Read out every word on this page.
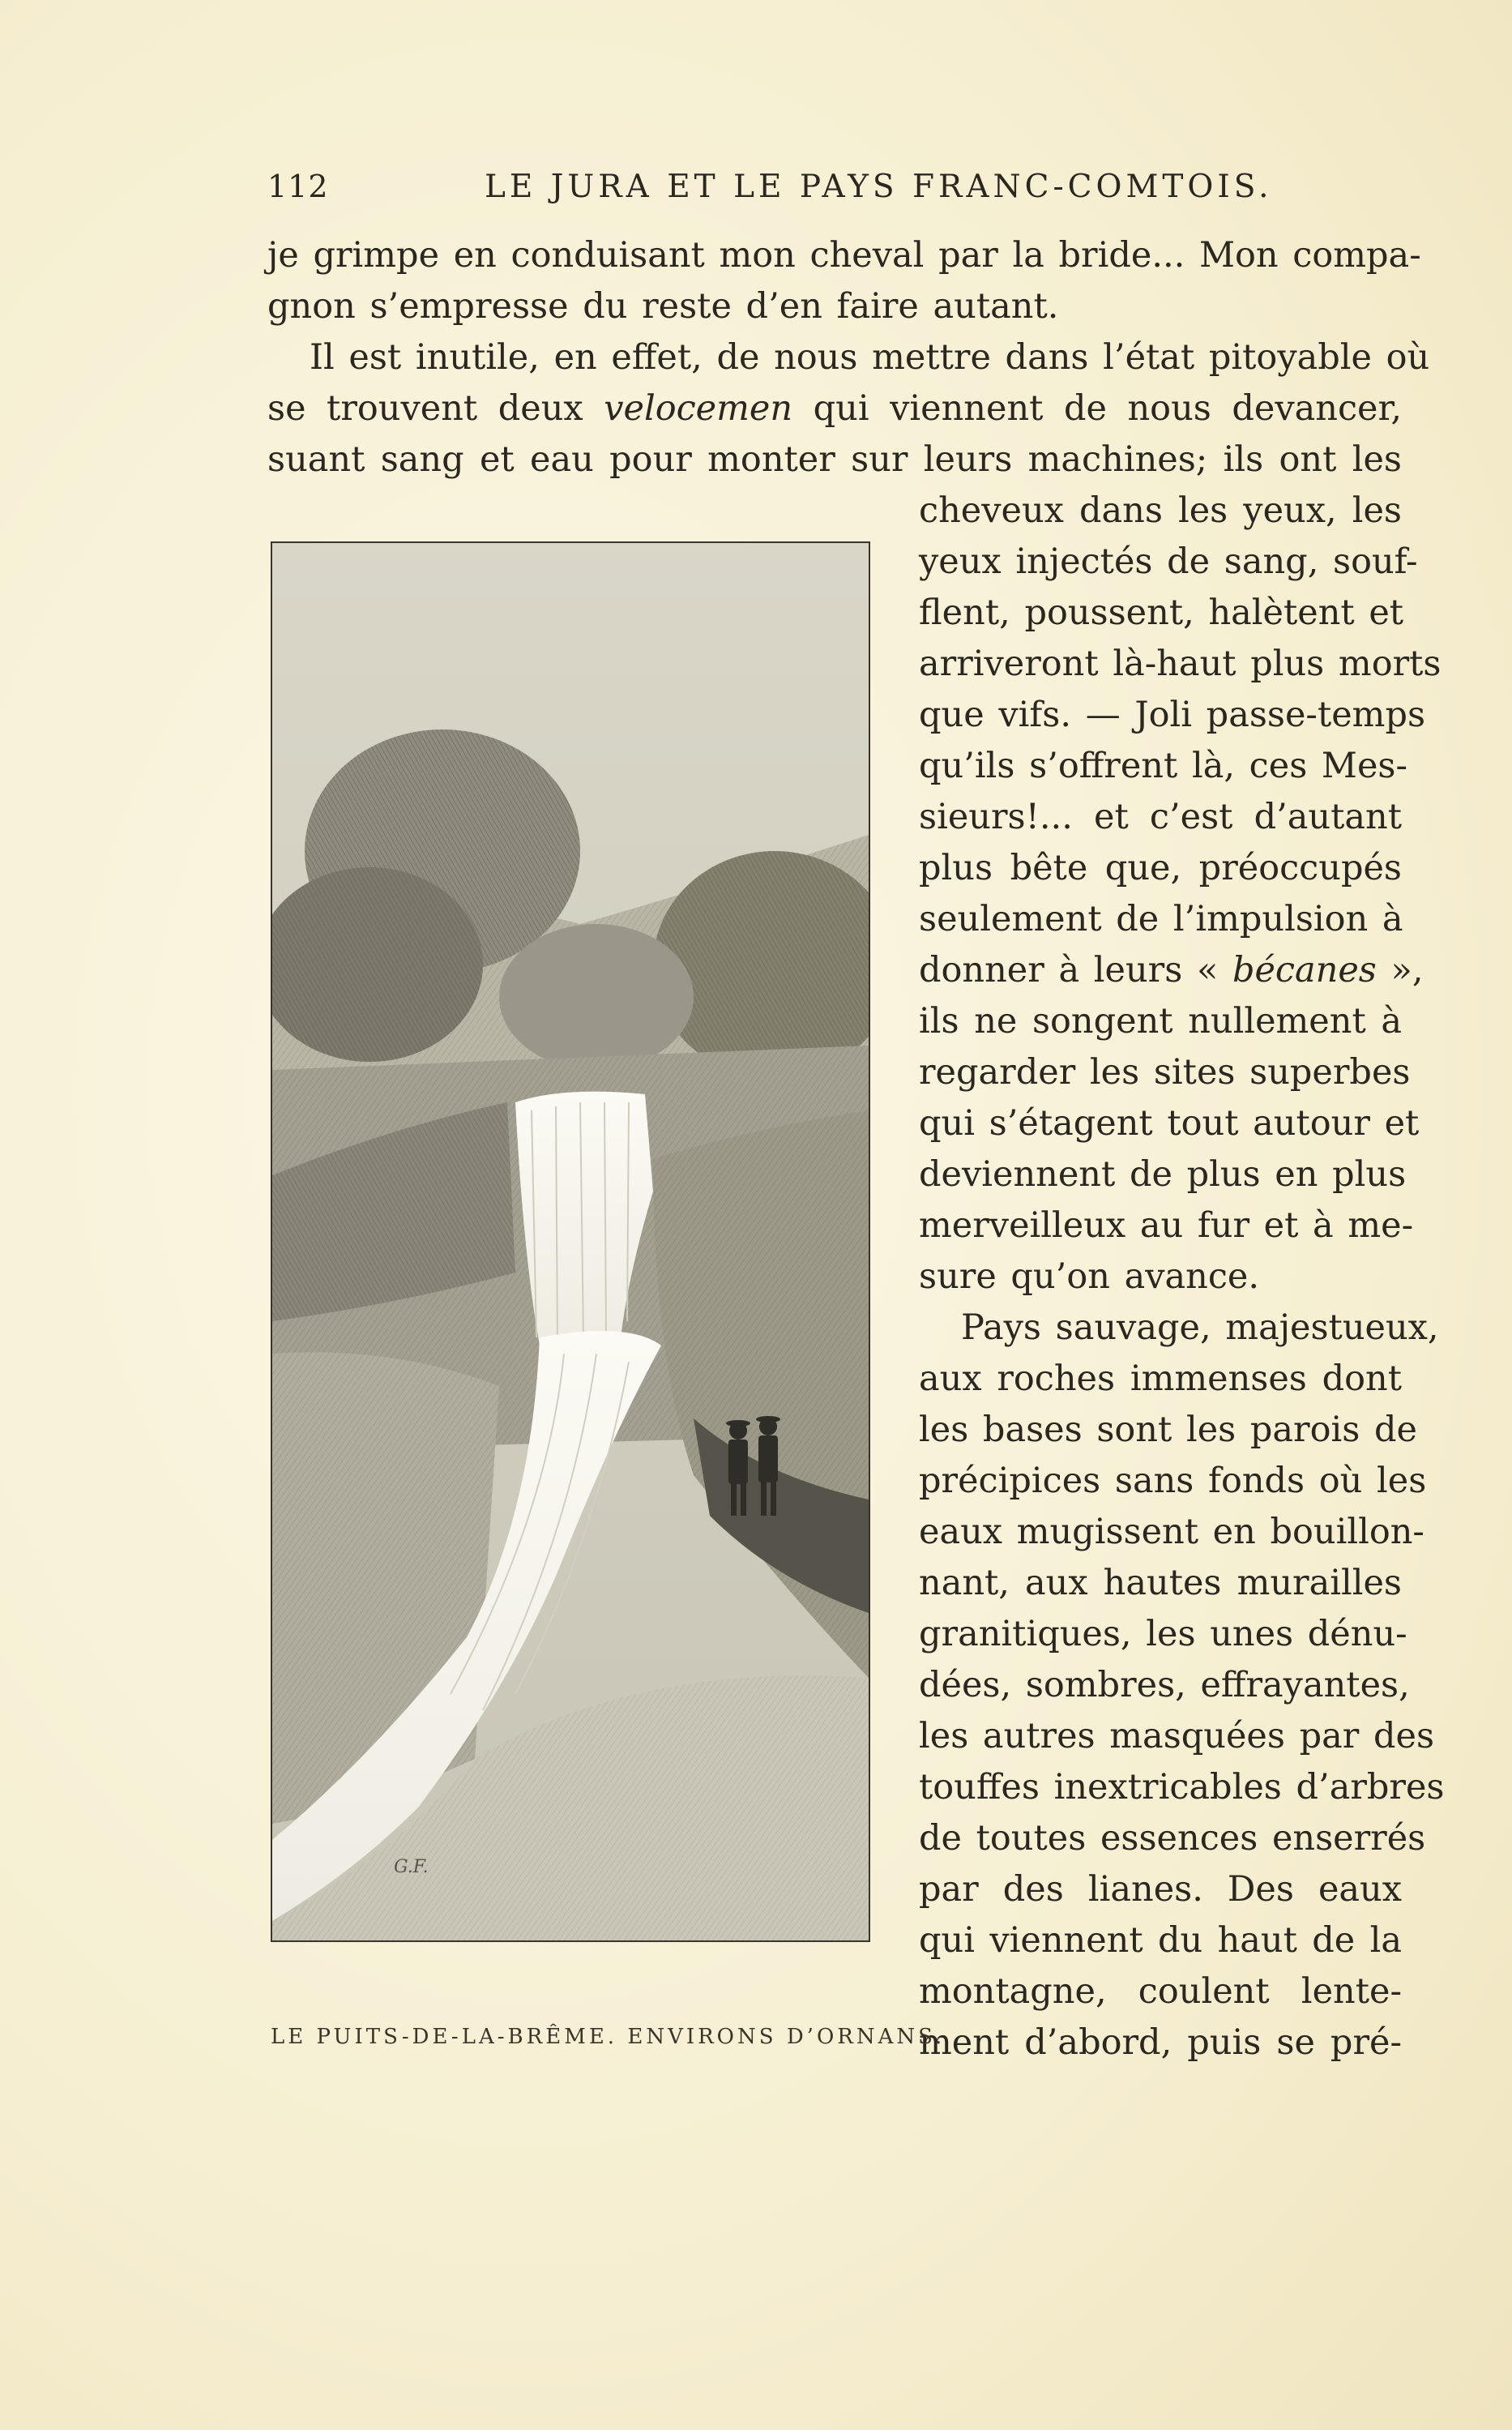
112	LE JURA ET LE PAYS FRANC-COMTOIS.
je grimpe en conduisant mon cheval par la bride... Mon compa-
gnon s’empresse du reste d’en faire autant.
Il est inutile, en effet, de nous mettre dans l’état pitoyable où
se trouvent deux velocemen qui viennent de nous devancer,
suant sang et eau pour monter sur leurs machines; ils ont les
cheveux dans les yeux, les
yeux injectés de sang, souf-
flent, poussent, halètent et
arriveront là-haut plus morts
que vifs. — Joli passe-temps
qu’ils s’offrent là, ces Mes-
sieurs!... et c’est d’autant
plus bête que, préoccupés
seulement de l’impulsion à
donner à leurs « bécanes »,
ils ne songent nullement à
regarder les sites superbes
qui s’étagent tout autour et
deviennent de plus en plus
merveilleux au fur et à me-
sure qu’on avance.
Pays sauvage, majestueux,
aux roches immenses dont
les bases sont les parois de
précipices sans fonds où les
eaux mugissent en bouillon-
nant, aux hautes murailles
granitiques, les unes dénu-
dées, sombres, effrayantes,
les autres masquées par des
touffes inextricables d’arbres
de toutes essences enserrés
par des lianes. Des eaux
qui viennent du haut de la
montagne, coulent lente-
ment d’abord, puis se pré-
G.F.
LE PUITS-DE-LA-BRÊME. ENVIRONS D’ORNANS.
